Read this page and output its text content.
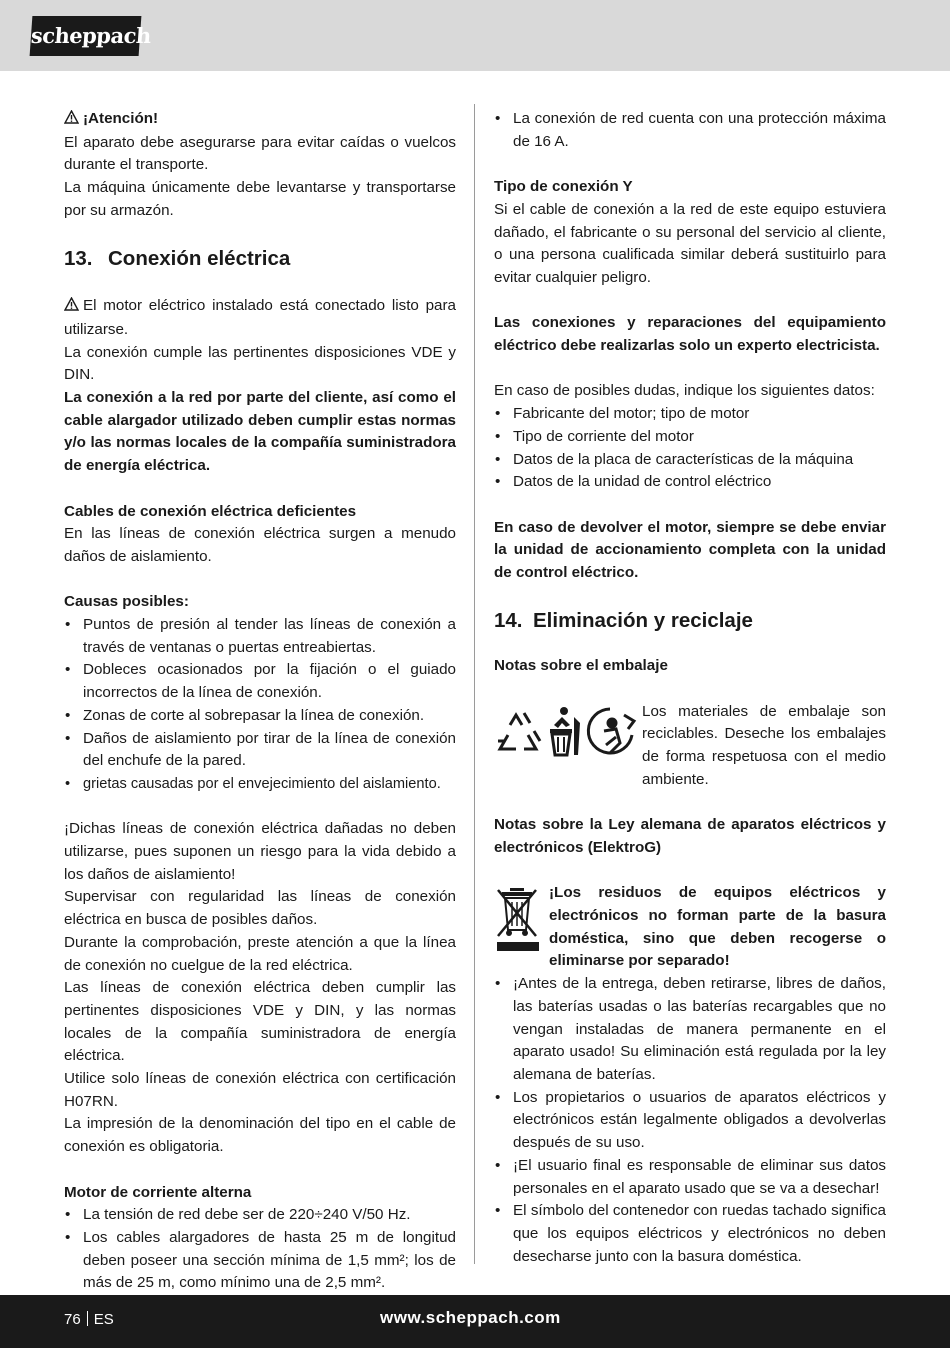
scheppach

¡Atención!

El aparato debe asegurarse para evitar caídas o vuelcos durante el transporte.

La máquina únicamente debe levantarse y transportarse por su armazón.

13. Conexión eléctrica

El motor eléctrico instalado está conectado listo para utilizarse.

La conexión cumple las pertinentes disposiciones VDE y DIN.

La conexión a la red por parte del cliente, así como el cable alargador utilizado deben cumplir estas normas y/o las normas locales de la compañía suministradora de energía eléctrica.

Cables de conexión eléctrica deficientes

En las líneas de conexión eléctrica surgen a menudo daños de aislamiento.

Causas posibles:

• Puntos de presión al tender las líneas de conexión a través de ventanas o puertas entreabiertas.
• Dobleces ocasionados por la fijación o el guiado incorrectos de la línea de conexión.
• Zonas de corte al sobrepasar la línea de conexión.
• Daños de aislamiento por tirar de la línea de conexión del enchufe de la pared.
• grietas causadas por el envejecimiento del aislamiento.

¡Dichas líneas de conexión eléctrica dañadas no deben utilizarse, pues suponen un riesgo para la vida debido a los daños de aislamiento!

Supervisar con regularidad las líneas de conexión eléctrica en busca de posibles daños.

Durante la comprobación, preste atención a que la línea de conexión no cuelgue de la red eléctrica.

Las líneas de conexión eléctrica deben cumplir las pertinentes disposiciones VDE y DIN, y las normas locales de la compañía suministradora de energía eléctrica.

Utilice solo líneas de conexión eléctrica con certificación H07RN.

La impresión de la denominación del tipo en el cable de conexión es obligatoria.

Motor de corriente alterna

• La tensión de red debe ser de 220÷240 V/50 Hz.
• Los cables alargadores de hasta 25 m de longitud deben poseer una sección mínima de 1,5 mm²; los de más de 25 m, como mínimo una de 2,5 mm².
• La conexión de red cuenta con una protección máxima de 16 A.

Tipo de conexión Y

Si el cable de conexión a la red de este equipo estuviera dañado, el fabricante o su personal del servicio al cliente, o una persona cualificada similar deberá sustituirlo para evitar cualquier peligro.

Las conexiones y reparaciones del equipamiento eléctrico debe realizarlas solo un experto electricista.

En caso de posibles dudas, indique los siguientes datos:

• Fabricante del motor; tipo de motor
• Tipo de corriente del motor
• Datos de la placa de características de la máquina
• Datos de la unidad de control eléctrico

En caso de devolver el motor, siempre se debe enviar la unidad de accionamiento completa con la unidad de control eléctrico.

14. Eliminación y reciclaje

Notas sobre el embalaje

Los materiales de embalaje son reciclables. Deseche los embalajes de forma respetuosa con el medio ambiente.

Notas sobre la Ley alemana de aparatos eléctricos y electrónicos (ElektroG)

¡Los residuos de equipos eléctricos y electrónicos no forman parte de la basura doméstica, sino que deben recogerse o eliminarse por separado!
• ¡Antes de la entrega, deben retirarse, libres de daños, las baterías usadas o las baterías recargables que no vengan instaladas de manera permanente en el aparato usado! Su eliminación está regulada por la ley alemana de baterías.
• Los propietarios o usuarios de aparatos eléctricos y electrónicos están legalmente obligados a devolverlas después de su uso.
• ¡El usuario final es responsable de eliminar sus datos personales en el aparato usado que se va a desechar!
• El símbolo del contenedor con ruedas tachado significa que los equipos eléctricos y electrónicos no deben desecharse junto con la basura doméstica.
76 ES	www.scheppach.com
